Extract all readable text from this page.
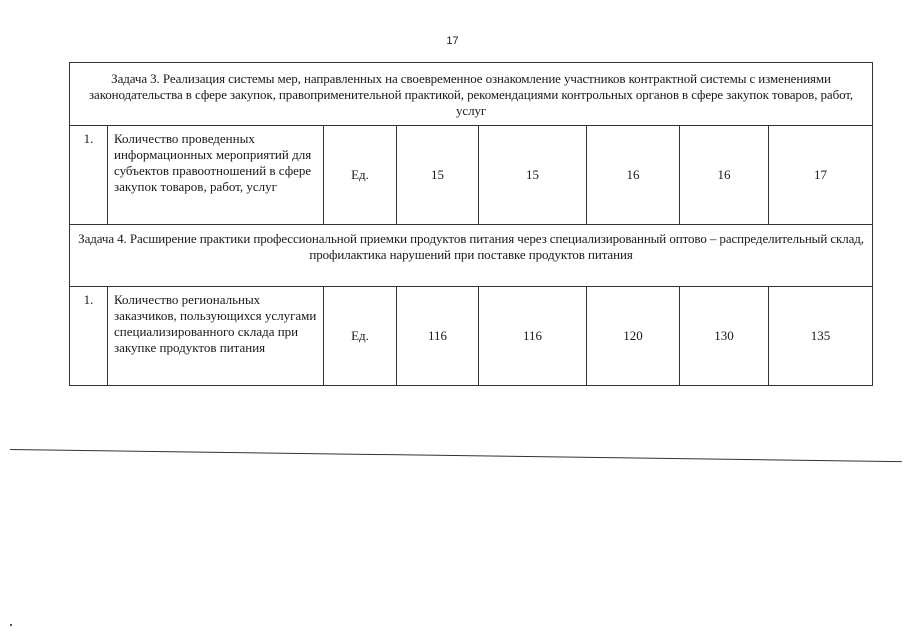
17
Задача 3. Реализация системы мер, направленных на своевременное ознакомление участников контрактной системы с изменениями законодательства в сфере закупок, правоприменительной практикой, рекомендациями контрольных органов в сфере закупок товаров, работ, услуг							
1.	Количество проведенных информационных мероприятий для субъектов правоотношений в сфере закупок товаров, работ, услуг	Ед.	15	15	16	16	17
Задача 4. Расширение практики профессиональной приемки продуктов питания через специализированный оптово – распределительный склад, профилактика нарушений при поставке продуктов питания							
1.	Количество региональных заказчиков, пользующихся услугами специализированного склада при закупке продуктов питания	Ед.	116	116	120	130	135
